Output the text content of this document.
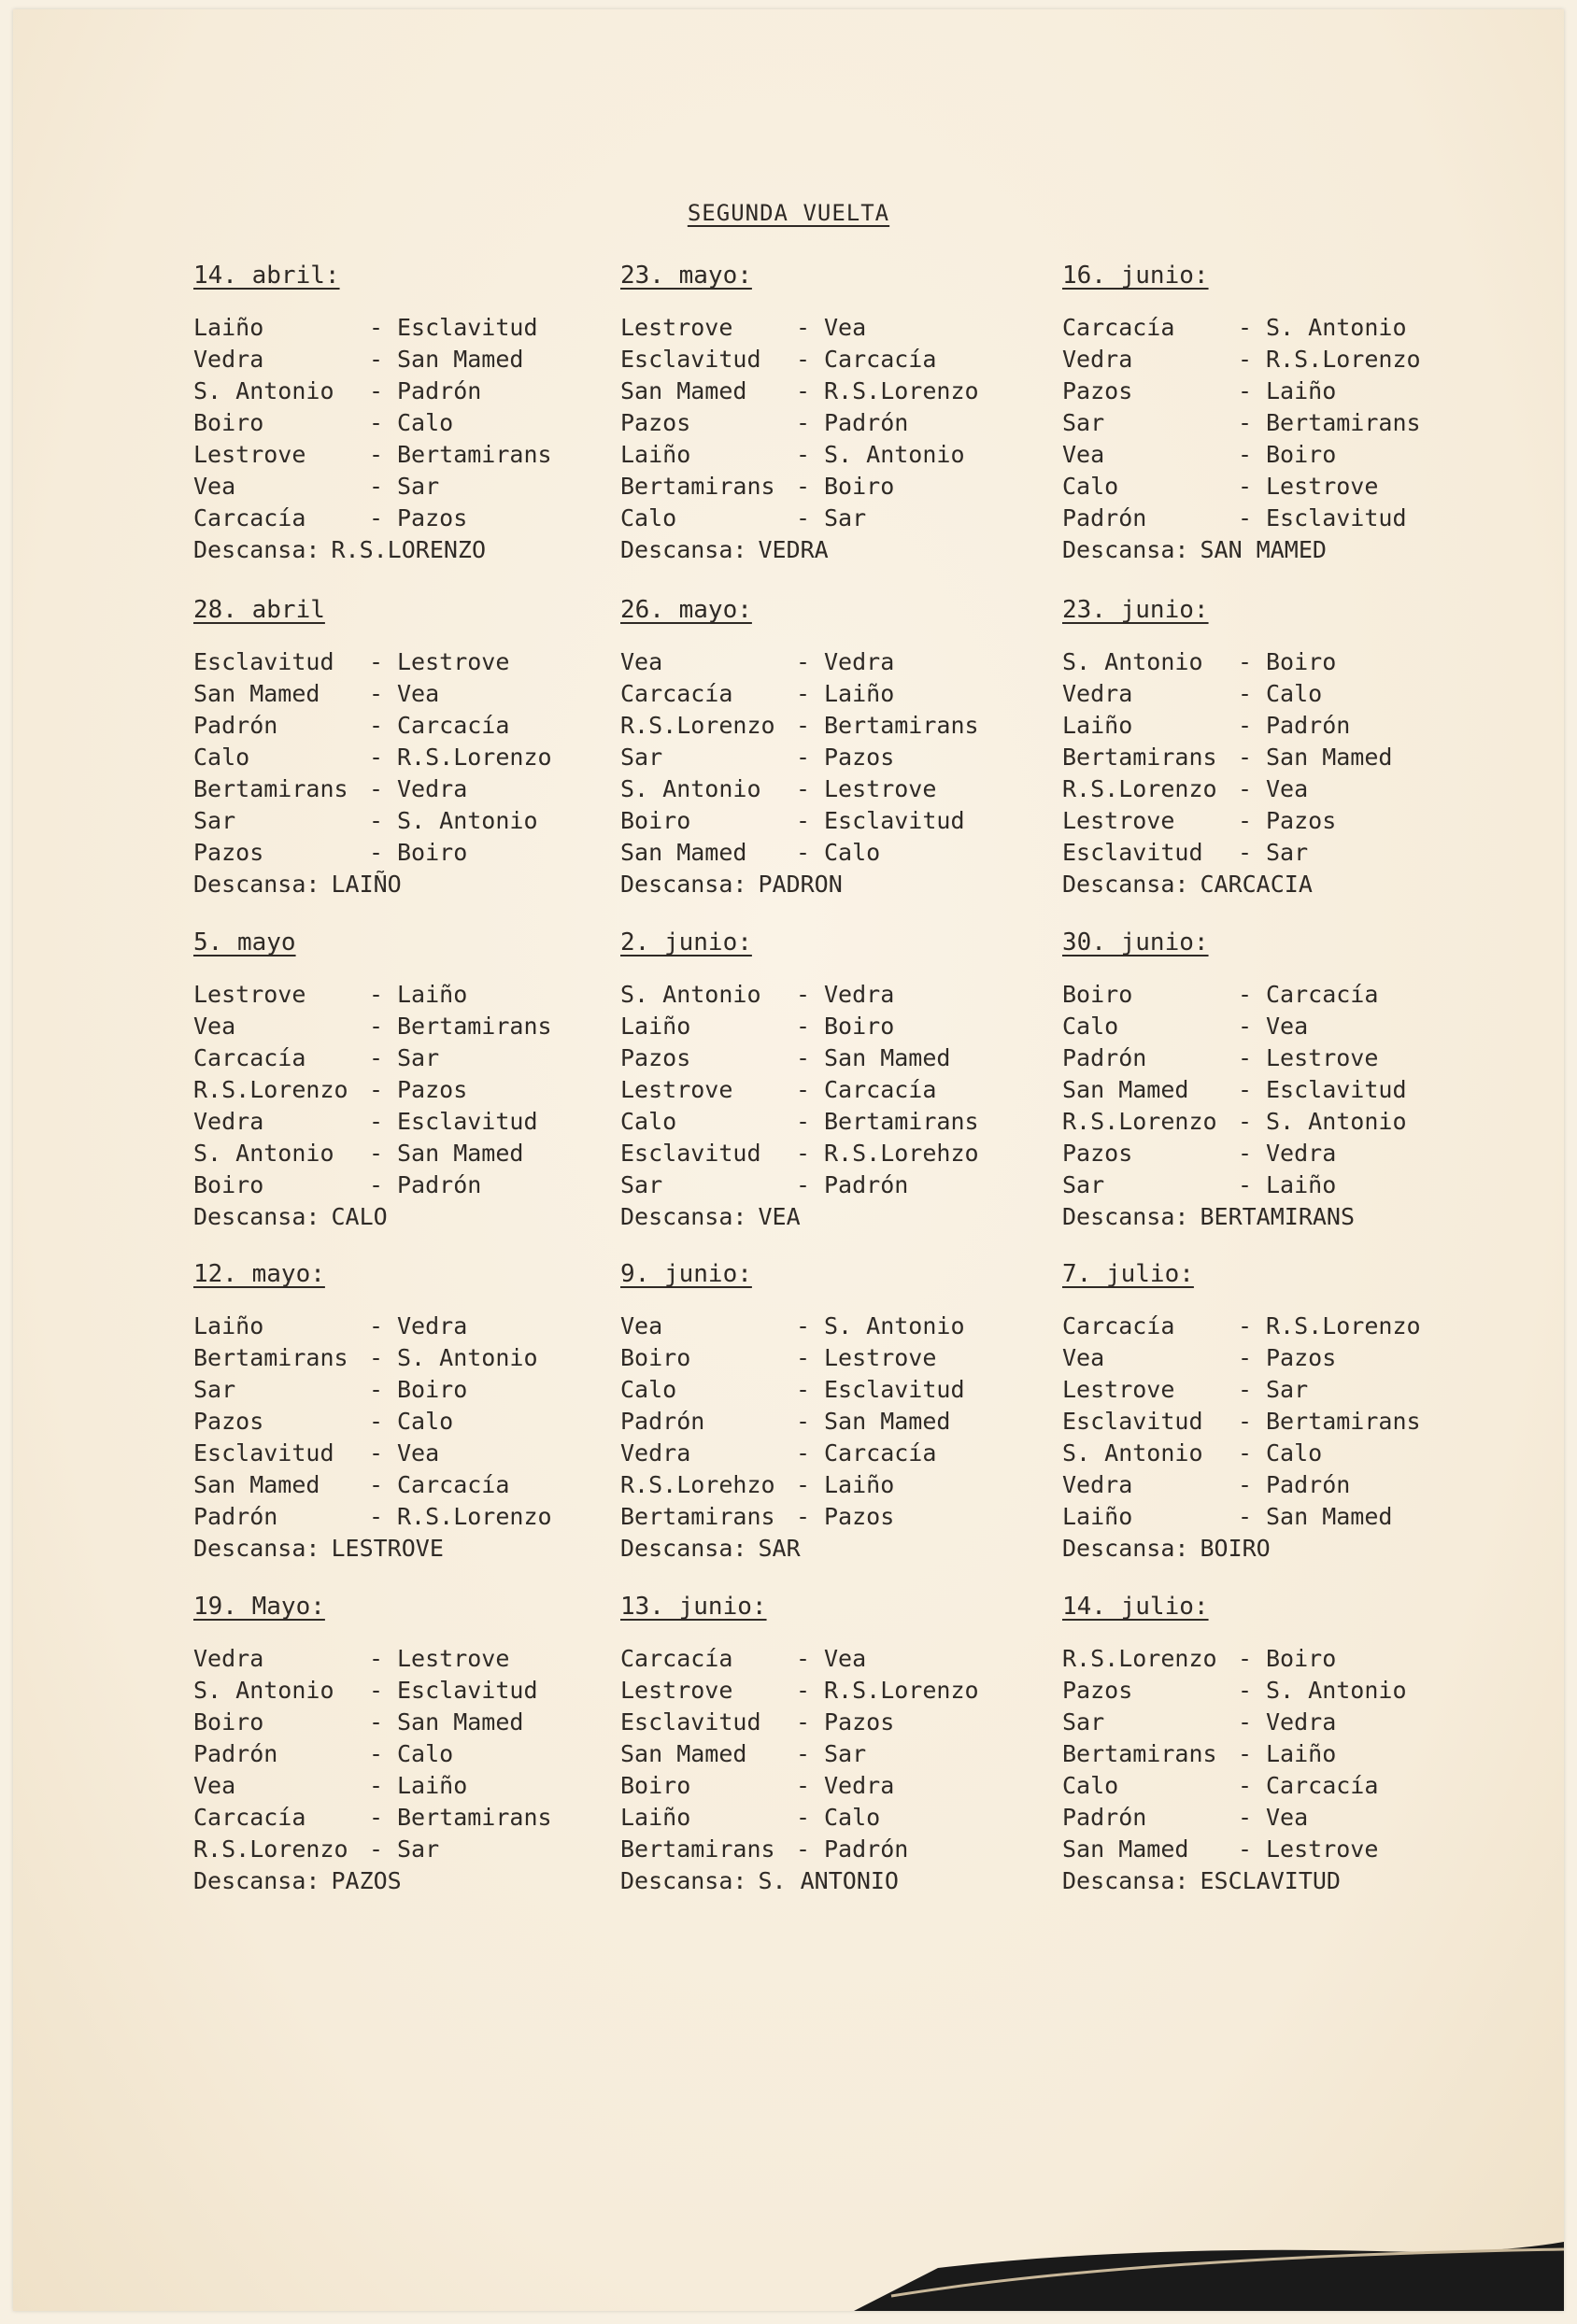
SEGUNDA VUELTA
14. abril:
Laiño	- Esclavitud
Vedra	- San Mamed
S. Antonio	- Padrón
Boiro	- Calo
Lestrove	- Bertamirans
Vea	- Sar
Carcacía	- Pazos
Descansa: R.S.LORENZO
23. mayo:
Lestrove	- Vea
Esclavitud	- Carcacía
San Mamed	- R.S.Lorenzo
Pazos	- Padrón
Laiño	- S. Antonio
Bertamirans - Boiro
Calo	- Sar
Descansa: VEDRA
16. junio:
Carcacía	- S. Antonio
Vedra	- R.S.Lorenzo
Pazos	- Laiño
Sar	- Bertamirans
Vea	- Boiro
Calo	- Lestrove
Padrón	- Esclavitud
Descansa: SAN MAMED
28. abril
Esclavitud	- Lestrove
San Mamed	- Vea
Padrón	- Carcacía
Calo	- R.S.Lorenzo
Bertamirans - Vedra
Sar	- S. Antonio
Pazos	- Boiro
Descansa: LAIÑO
26. mayo:
Vea	- Vedra
Carcacía	- Laiño
R.S.Lorenzo - Bertamirans
Sar	- Pazos
S. Antonio	- Lestrove
Boiro	- Esclavitud
San Mamed	- Calo
Descansa: PADRON
23. junio:
S. Antonio	- Boiro
Vedra	- Calo
Laiño	- Padrón
Bertamirans - San Mamed
R.S.Lorenzo - Vea
Lestrove	- Pazos
Esclavitud	- Sar
Descansa: CARCACIA
5. mayo
Lestrove	- Laiño
Vea	- Bertamirans
Carcacía	- Sar
R.S.Lorenzo - Pazos
Vedra	- Esclavitud
S. Antonio	- San Mamed
Boiro	- Padrón
Descansa: CALO
2. junio:
S. Antonio	- Vedra
Laiño	- Boiro
Pazos	- San Mamed
Lestrove	- Carcacía
Calo	- Bertamirans
Esclavitud	- R.S.Lorehzo
Sar	- Padrón
Descansa: VEA
30. junio:
Boiro	- Carcacía
Calo	- Vea
Padrón	- Lestrove
San Mamed	- Esclavitud
R.S.Lorenzo - S. Antonio
Pazos	- Vedra
Sar	- Laiño
Descansa: BERTAMIRANS
12. mayo:
Laiño	- Vedra
Bertamirans - S. Antonio
Sar	- Boiro
Pazos	- Calo
Esclavitud	- Vea
San Mamed	- Carcacía
Padrón	- R.S.Lorenzo
Descansa: LESTROVE
9. junio:
Vea	- S. Antonio
Boiro	- Lestrove
Calo	- Esclavitud
Padrón	- San Mamed
Vedra	- Carcacía
R.S.Lorehzo - Laiño
Bertamirans - Pazos
Descansa: SAR
7. julio:
Carcacía	- R.S.Lorenzo
Vea	- Pazos
Lestrove	- Sar
Esclavitud	- Bertamirans
S. Antonio	- Calo
Vedra	- Padrón
Laiño	- San Mamed
Descansa: BOIRO
19. Mayo:
Vedra	- Lestrove
S. Antonio	- Esclavitud
Boiro	- San Mamed
Padrón	- Calo
Vea	- Laiño
Carcacía	- Bertamirans
R.S.Lorenzo - Sar
Descansa: PAZOS
13. junio:
Carcacía	- Vea
Lestrove	- R.S.Lorenzo
Esclavitud	- Pazos
San Mamed	- Sar
Boiro	- Vedra
Laiño	- Calo
Bertamirans - Padrón
Descansa: S. ANTONIO
14. julio:
R.S.Lorenzo - Boiro
Pazos	- S. Antonio
Sar	- Vedra
Bertamirans - Laiño
Calo	- Carcacía
Padrón	- Vea
San Mamed	- Lestrove
Descansa: ESCLAVITUD
